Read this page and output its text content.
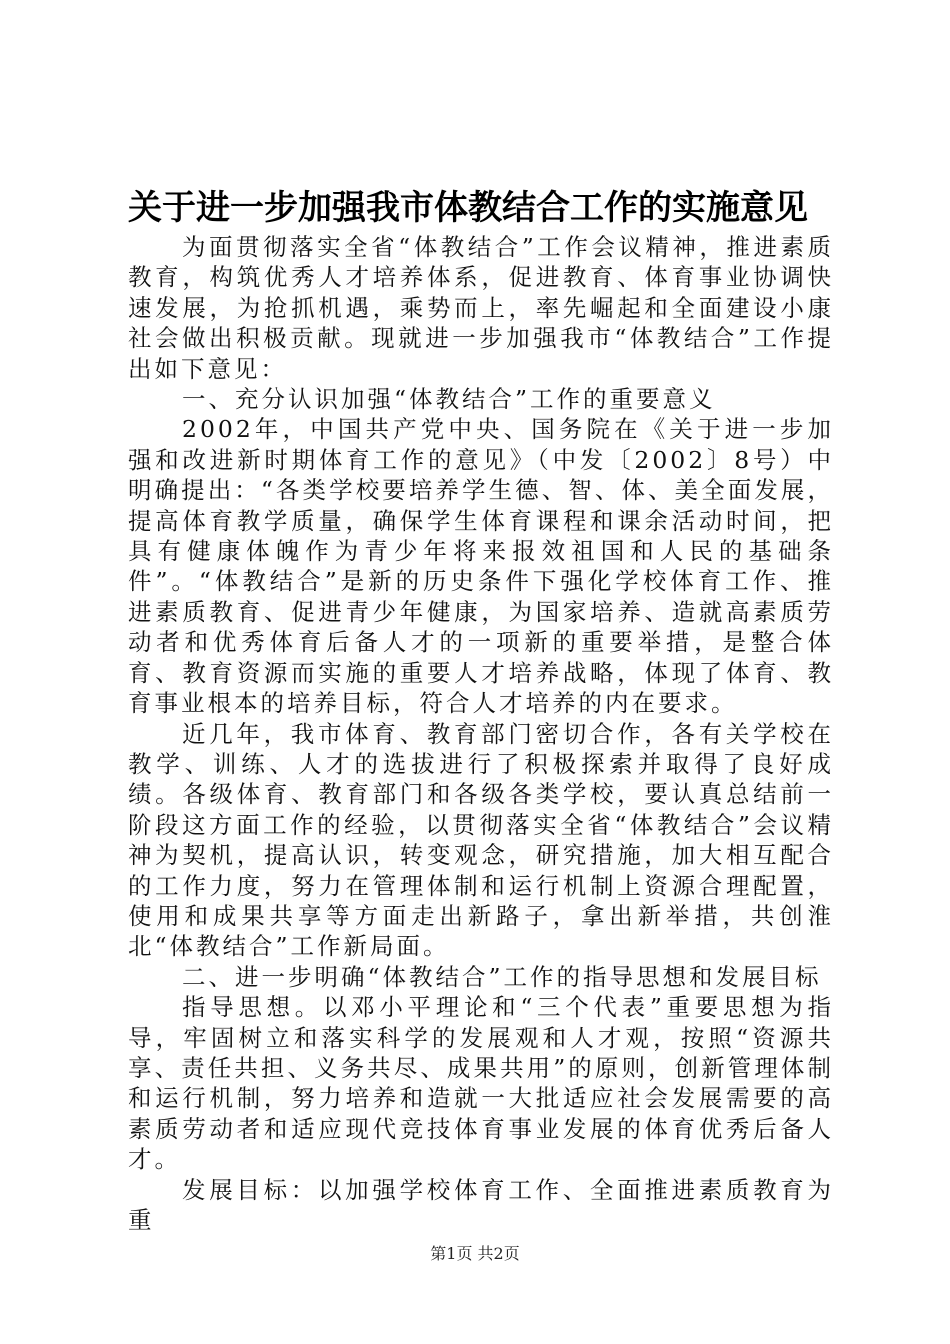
关于进一步加强我市体教结合工作的实施意见

为面贯彻落实全省“体教结合”工作会议精神，推进素质教育，构筑优秀人才培养体系，促进教育、体育事业协调快速发展，为抢抓机遇，乘势而上，率先崛起和全面建设小康社会做出积极贡献。现就进一步加强我市“体教结合”工作提出如下意见：

一、充分认识加强“体教结合”工作的重要意义

2002年，中国共产党中央、国务院在《关于进一步加强和改进新时期体育工作的意见》（中发〔2002〕8号）中明确提出：“各类学校要培养学生德、智、体、美全面发展，提高体育教学质量，确保学生体育课程和课余活动时间，把具有健康体魄作为青少年将来报效祖国和人民的基础条件”。“体教结合”是新的历史条件下强化学校体育工作、推进素质教育、促进青少年健康，为国家培养、造就高素质劳动者和优秀体育后备人才的一项新的重要举措，是整合体育、教育资源而实施的重要人才培养战略，体现了体育、教育事业根本的培养目标，符合人才培养的内在要求。

近几年，我市体育、教育部门密切合作，各有关学校在教学、训练、人才的选拔进行了积极探索并取得了良好成绩。各级体育、教育部门和各级各类学校，要认真总结前一阶段这方面工作的经验，以贯彻落实全省“体教结合”会议精神为契机，提高认识，转变观念，研究措施，加大相互配合的工作力度，努力在管理体制和运行机制上资源合理配置，使用和成果共享等方面走出新路子，拿出新举措，共创淮北“体教结合”工作新局面。

二、进一步明确“体教结合”工作的指导思想和发展目标

指导思想。以邓小平理论和“三个代表”重要思想为指导，牢固树立和落实科学的发展观和人才观，按照“资源共享、责任共担、义务共尽、成果共用”的原则，创新管理体制和运行机制，努力培养和造就一大批适应社会发展需要的高素质劳动者和适应现代竞技体育事业发展的体育优秀后备人才。

发展目标：以加强学校体育工作、全面推进素质教育为重

第1页 共2页
